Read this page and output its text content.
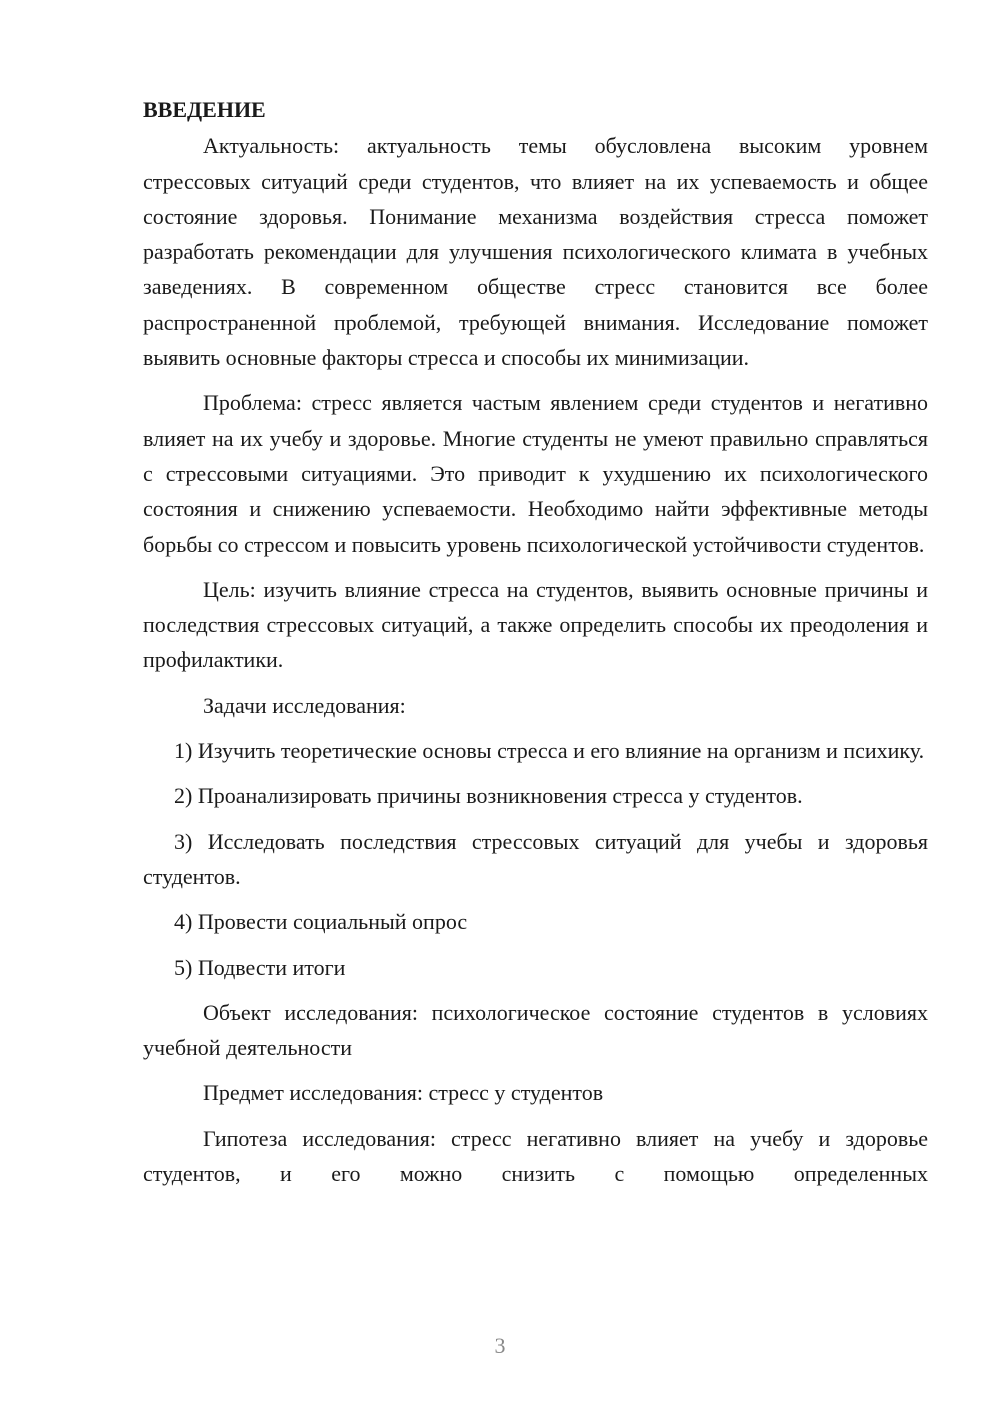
ВВЕДЕНИЕ

Актуальность: актуальность темы обусловлена высоким уровнем стрессовых ситуаций среди студентов, что влияет на их успеваемость и общее состояние здоровья. Понимание механизма воздействия стресса поможет разработать рекомендации для улучшения психологического климата в учебных заведениях. В современном обществе стресс становится все более распространенной проблемой, требующей внимания. Исследование поможет выявить основные факторы стресса и способы их минимизации.

Проблема: стресс является частым явлением среди студентов и негативно влияет на их учебу и здоровье. Многие студенты не умеют правильно справляться с стрессовыми ситуациями. Это приводит к ухудшению их психологического состояния и снижению успеваемости. Необходимо найти эффективные методы борьбы со стрессом и повысить уровень психологической устойчивости студентов.

Цель: изучить влияние стресса на студентов, выявить основные причины и последствия стрессовых ситуаций, а также определить способы их преодоления и профилактики.

Задачи исследования:

1) Изучить теоретические основы стресса и его влияние на организм и психику.

2) Проанализировать причины возникновения стресса у студентов.

3) Исследовать последствия стрессовых ситуаций для учебы и здоровья студентов.

4) Провести социальный опрос

5) Подвести итоги

Объект исследования: психологическое состояние студентов в условиях учебной деятельности

Предмет исследования: стресс у студентов

Гипотеза исследования: стресс негативно влияет на учебу и здоровье студентов, и его можно снизить с помощью определенных

3
